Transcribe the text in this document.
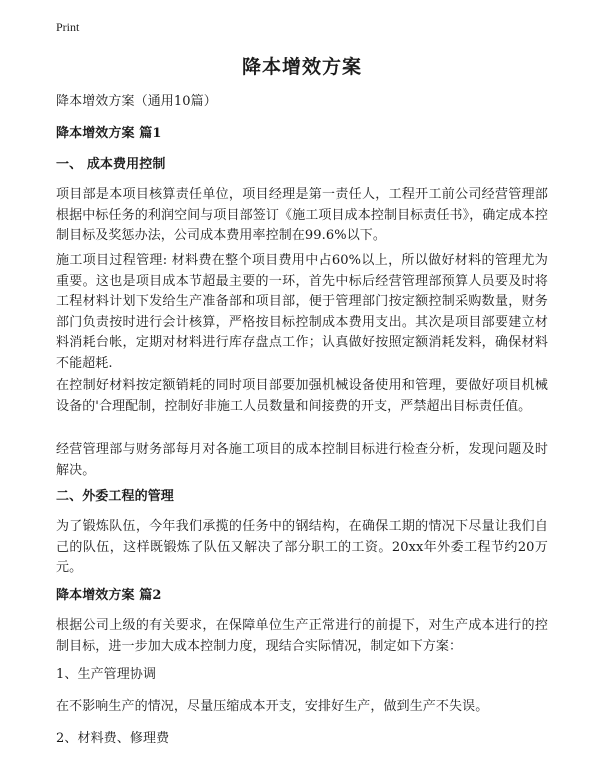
Print
降本增效方案
降本增效方案（通用10篇）
降本增效方案 篇1
一、 成本费用控制
项目部是本项目核算责任单位，项目经理是第一责任人，工程开工前公司经营管理部根据中标任务的利润空间与项目部签订《施工项目成本控制目标责任书》，确定成本控制目标及奖惩办法，公司成本费用率控制在99.6%以下。
施工项目过程管理: 材料费在整个项目费用中占60%以上，所以做好材料的管理尤为重要。这也是项目成本节超最主要的一环，首先中标后经营管理部预算人员要及时将工程材料计划下发给生产准备部和项目部，便于管理部门按定额控制采购数量，财务部门负责按时进行会计核算，严格按目标控制成本费用支出。其次是项目部要建立材料消耗台帐，定期对材料进行库存盘点工作；认真做好按照定额消耗发料，确保材料不能超耗.
在控制好材料按定额销耗的同时项目部要加强机械设备使用和管理，要做好项目机械设备的'合理配制，控制好非施工人员数量和间接费的开支，严禁超出目标责任值。
经营管理部与财务部每月对各施工项目的成本控制目标进行检查分析，发现问题及时解决。
二、外委工程的管理
为了锻炼队伍，今年我们承揽的任务中的钢结构，在确保工期的情况下尽量让我们自己的队伍，这样既锻炼了队伍又解决了部分职工的工资。20xx年外委工程节约20万元。
降本增效方案 篇2
根据公司上级的有关要求，在保障单位生产正常进行的前提下，对生产成本进行的控制目标，进一步加大成本控制力度，现结合实际情况，制定如下方案：
1、生产管理协调
在不影响生产的情况，尽量压缩成本开支，安排好生产，做到生产不失误。
2、材料费、修理费
